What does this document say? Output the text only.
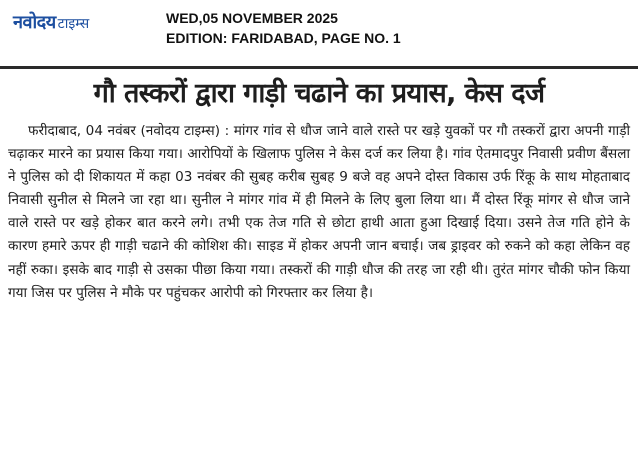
नवोदय टाइम्स	WED,05 NOVEMBER 2025
EDITION: FARIDABAD, PAGE NO. 1
गौ तस्करों द्वारा गाड़ी चढाने का प्रयास, केस दर्ज

फरीदाबाद, 04 नवंबर (नवोदय टाइम्स) : मांगर गांव से धौज जाने वाले रास्ते पर खड़े युवकों पर गौ तस्करों द्वारा अपनी गाड़ी चढ़ाकर मारने का प्रयास किया गया। आरोपियों के खिलाफ पुलिस ने केस दर्ज कर लिया है। गांव ऐतमादपुर निवासी प्रवीण बैंसला ने पुलिस को दी शिकायत में कहा 03 नवंबर की सुबह करीब सुबह 9 बजे वह अपने दोस्त विकास उर्फ रिंकू के साथ मोहताबाद निवासी सुनील से मिलने जा रहा था। सुनील ने मांगर गांव में ही मिलने के लिए बुला लिया था। मैं दोस्त रिंकू मांगर से धौज जाने वाले रास्ते पर खड़े होकर बात करने लगे। तभी एक तेज गति से छोटा हाथी आता हुआ दिखाई दिया। उसने तेज गति होने के कारण हमारे ऊपर ही गाड़ी चढाने की कोशिश की। साइड में होकर अपनी जान बचाई। जब ड्राइवर को रुकने को कहा लेकिन वह नहीं रुका। इसके बाद गाड़ी से उसका पीछा किया गया। तस्करों की गाड़ी धौज की तरह जा रही थी। तुरंत मांगर चौकी फोन किया गया जिस पर पुलिस ने मौके पर पहुंचकर आरोपी को गिरफ्तार कर लिया है।
